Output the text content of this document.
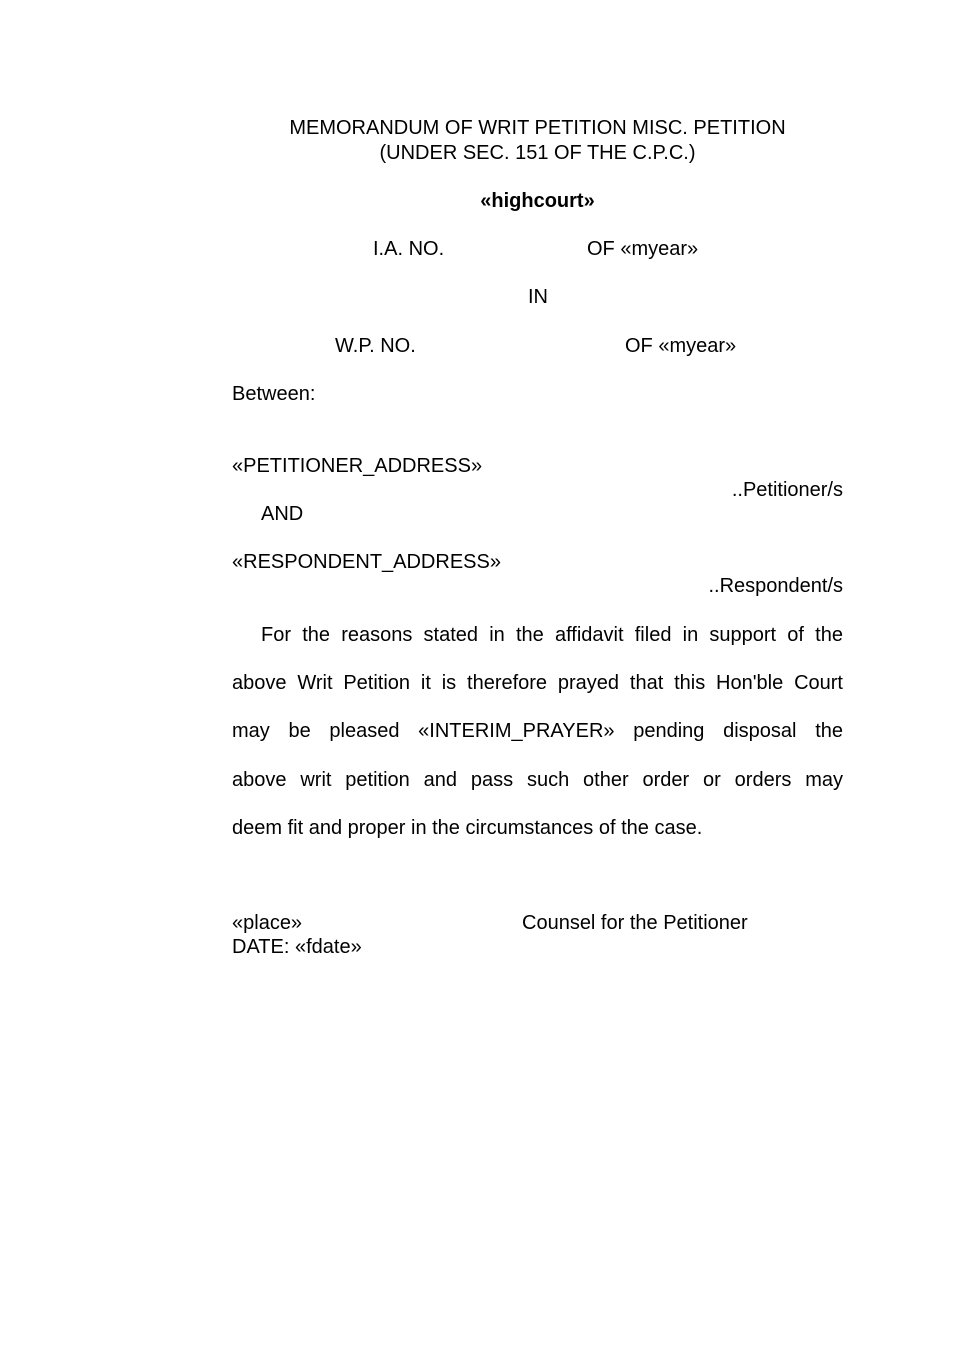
MEMORANDUM OF WRIT PETITION MISC. PETITION
(UNDER SEC. 151 OF THE C.P.C.)
«highcourt»
I.A. NO.	OF «myear»
IN
W.P. NO.	OF «myear»
Between:
«PETITIONER_ADDRESS»
..Petitioner/s
AND
«RESPONDENT_ADDRESS»
..Respondent/s
For the reasons stated in the affidavit filed in support of the
above Writ Petition it is therefore prayed that this Hon'ble Court
may be pleased «INTERIM_PRAYER» pending disposal the
above writ petition and pass such other order or orders may
deem fit and proper in the circumstances of the case.
«place»	Counsel for the Petitioner
DATE: «fdate»
